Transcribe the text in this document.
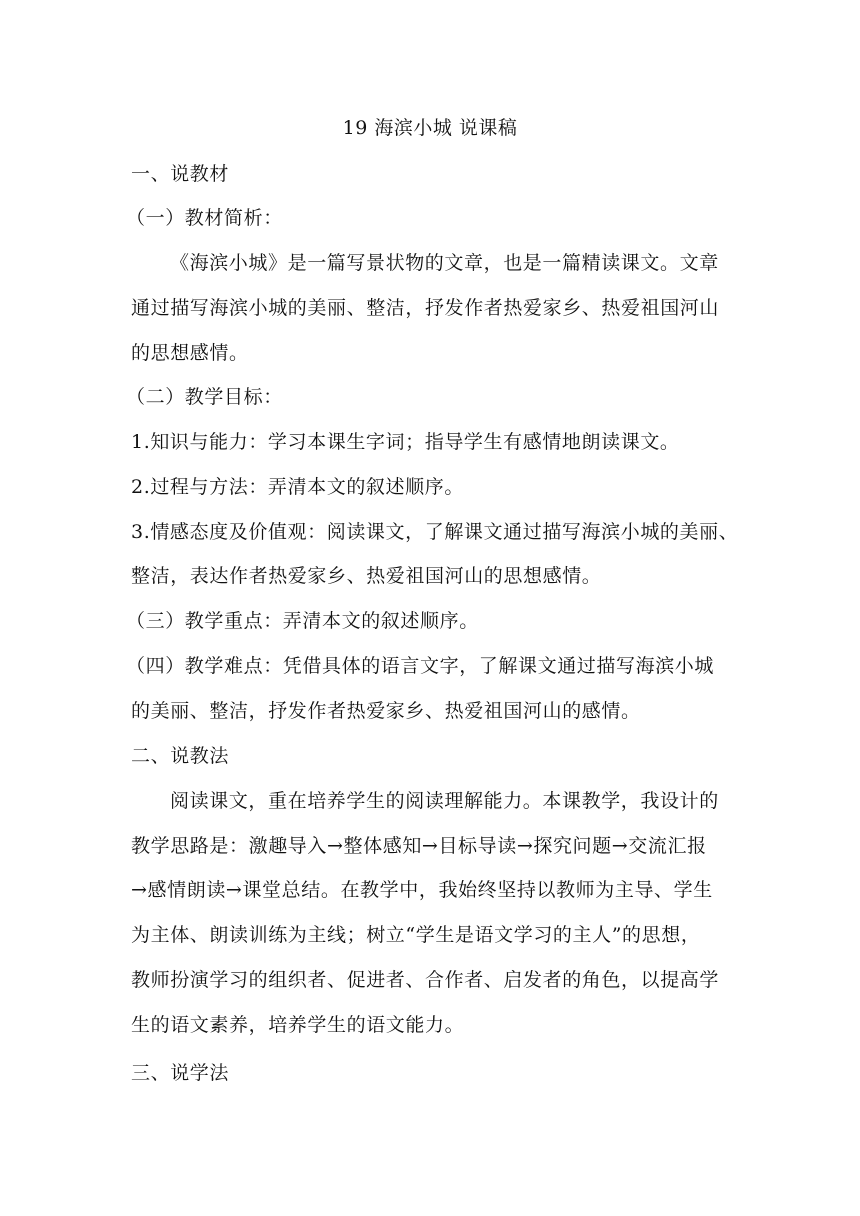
19 海滨小城 说课稿
一、说教材
（一）教材简析：
《海滨小城》是一篇写景状物的文章，也是一篇精读课文。文章
通过描写海滨小城的美丽、整洁，抒发作者热爱家乡、热爱祖国河山
的思想感情。
（二）教学目标：
1.知识与能力：学习本课生字词；指导学生有感情地朗读课文。
2.过程与方法：弄清本文的叙述顺序。
3.情感态度及价值观：阅读课文，了解课文通过描写海滨小城的美丽、
整洁，表达作者热爱家乡、热爱祖国河山的思想感情。
（三）教学重点：弄清本文的叙述顺序。
（四）教学难点：凭借具体的语言文字，了解课文通过描写海滨小城
的美丽、整洁，抒发作者热爱家乡、热爱祖国河山的感情。
二、说教法
阅读课文，重在培养学生的阅读理解能力。本课教学，我设计的
教学思路是：激趣导入→整体感知→目标导读→探究问题→交流汇报
→感情朗读→课堂总结。在教学中，我始终坚持以教师为主导、学生
为主体、朗读训练为主线；树立“学生是语文学习的主人”的思想，
教师扮演学习的组织者、促进者、合作者、启发者的角色，以提高学
生的语文素养，培养学生的语文能力。
三、说学法
